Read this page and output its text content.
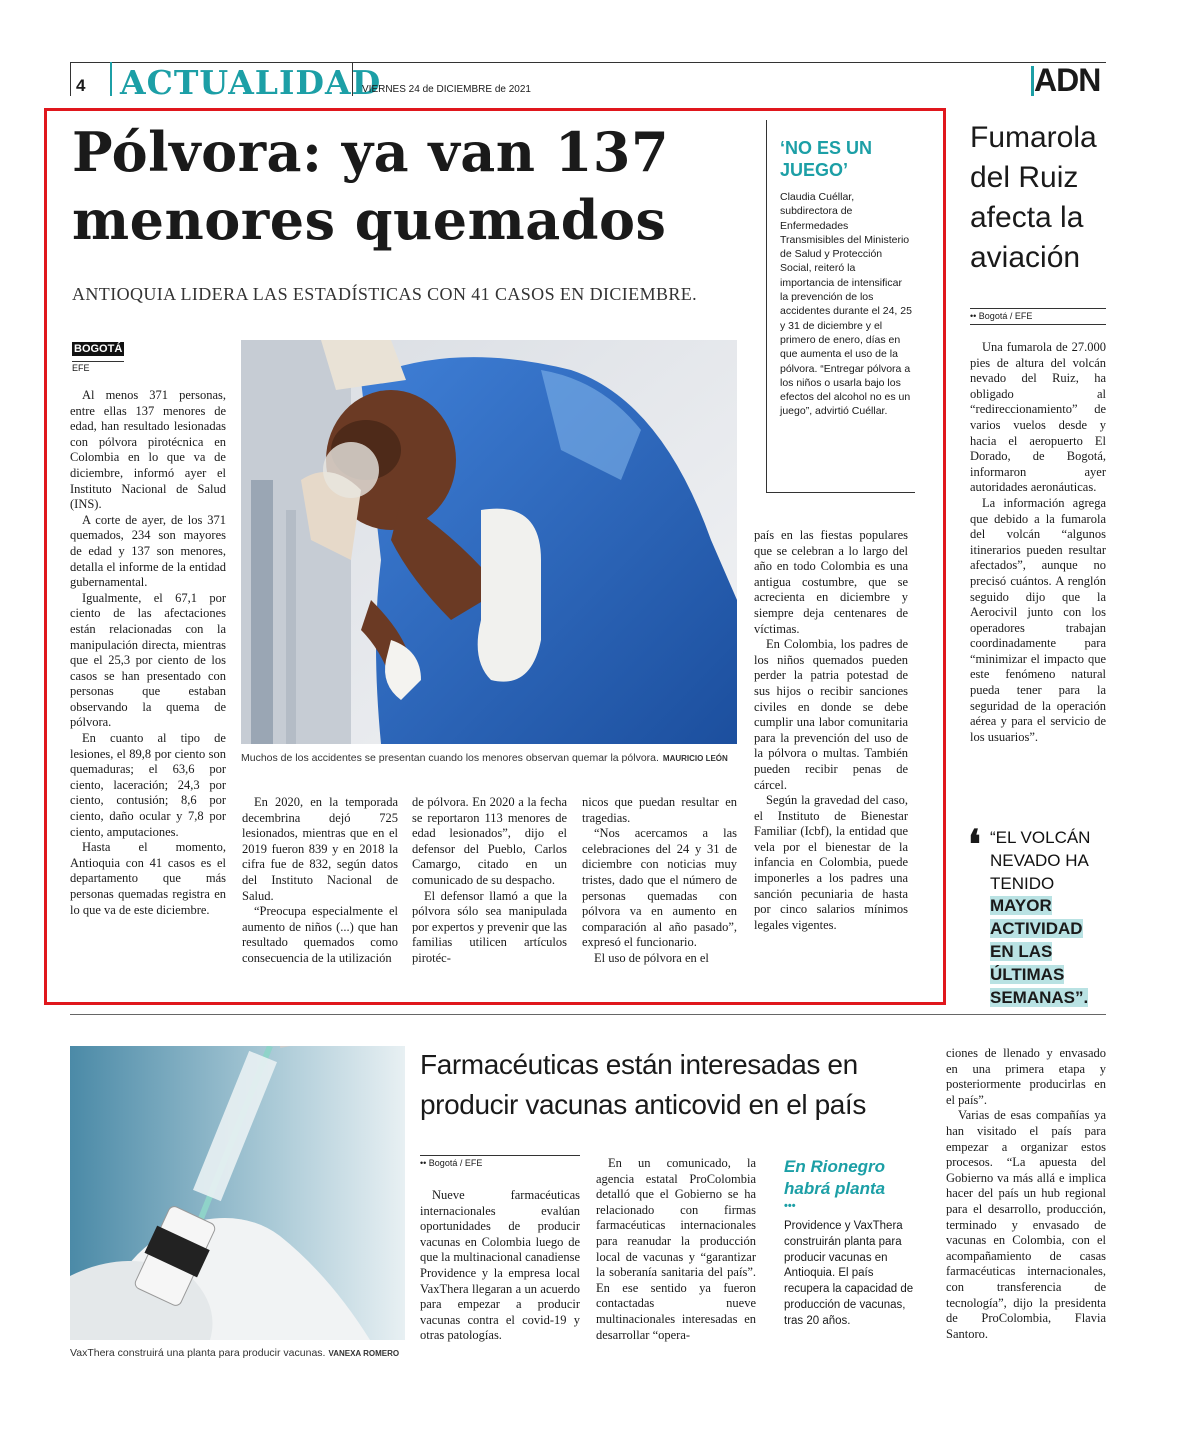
4 ACTUALIDAD
VIERNES 24 de DICIEMBRE de 2021	ADN
Pólvora: ya van 137 menores quemados
ANTIOQUIA LIDERA LAS ESTADÍSTICAS CON 41 CASOS EN DICIEMBRE.
BOGOTÁ
EFE

Al menos 371 personas, entre ellas 137 menores de edad, han resultado lesionadas con pólvora pirotécnica en Colombia en lo que va de diciembre, informó ayer el Instituto Nacional de Salud (INS).

A corte de ayer, de los 371 quemados, 234 son mayores de edad y 137 son menores, detalla el informe de la entidad gubernamental.

Igualmente, el 67,1 por ciento de las afectaciones están relacionadas con la manipulación directa, mientras que el 25,3 por ciento de los casos se han presentado con personas que estaban observando la quema de pólvora.

En cuanto al tipo de lesiones, el 89,8 por ciento son quemaduras; el 63,6 por ciento, laceración; 24,3 por ciento, contusión; 8,6 por ciento, daño ocular y 7,8 por ciento, amputaciones.

Hasta el momento, Antioquia con 41 casos es el departamento que más personas quemadas registra en lo que va de este diciembre.

Muchos de los accidentes se presentan cuando los menores observan quemar la pólvora. MAURICIO LEÓN

En 2020, en la temporada decembrina dejó 725 lesionados, mientras que en el 2019 fueron 839 y en 2018 la cifra fue de 832, según datos del Instituto Nacional de Salud.

“Preocupa especialmente el aumento de niños (...) que han resultado quemados como consecuencia de la utilización

de pólvora. En 2020 a la fecha se reportaron 113 menores de edad lesionados”, dijo el defensor del Pueblo, Carlos Camargo, citado en un comunicado de su despacho.

El defensor llamó a que la pólvora sólo sea manipulada por expertos y prevenir que las familias utilicen artículos pirotéc-

nicos que puedan resultar en tragedias.

“Nos acercamos a las celebraciones del 24 y 31 de diciembre con noticias muy tristes, dado que el número de personas quemadas con pólvora va en aumento en comparación al año pasado”, expresó el funcionario.

El uso de pólvora en el

país en las fiestas populares que se celebran a lo largo del año en todo Colombia es una antigua costumbre, que se acrecienta en diciembre y siempre deja centenares de víctimas.

En Colombia, los padres de los niños quemados pueden perder la patria potestad de sus hijos o recibir sanciones civiles en donde se debe cumplir una labor comunitaria para la prevención del uso de la pólvora o multas. También pueden recibir penas de cárcel.

Según la gravedad del caso, el Instituto de Bienestar Familiar (Icbf), la entidad que vela por el bienestar de la infancia en Colombia, puede imponerles a los padres una sanción pecuniaria de hasta por cinco salarios mínimos legales vigentes.

‘NO ES UN JUEGO’
Claudia Cuéllar, subdirectora de Enfermedades Transmisibles del Ministerio de Salud y Protección Social, reiteró la importancia de intensificar la prevención de los accidentes durante el 24, 25 y 31 de diciembre y el primero de enero, días en que aumenta el uso de la pólvora. “Entregar pólvora a los niños o usarla bajo los efectos del alcohol no es un juego”, advirtió Cuéllar.
Fumarola del Ruiz afecta la aviación
•• Bogotá / EFE

Una fumarola de 27.000 pies de altura del volcán nevado del Ruiz, ha obligado al “redireccionamiento” de varios vuelos desde y hacia el aeropuerto El Dorado, de Bogotá, informaron ayer autoridades aeronáuticas.

La información agrega que debido a la fumarola del volcán “algunos itinerarios pueden resultar afectados”, aunque no precisó cuántos. A renglón seguido dijo que la Aerocivil junto con los operadores trabajan coordinadamente para “minimizar el impacto que este fenómeno natural pueda tener para la seguridad de la operación aérea y para el servicio de los usuarios”.

❛ “EL VOLCÁN NEVADO HA TENIDO
MAYOR ACTIVIDAD EN LAS ÚLTIMAS SEMANAS”.
VaxThera construirá una planta para producir vacunas. VANEXA ROMERO
Farmacéuticas están interesadas en producir vacunas anticovid en el país
•• Bogotá / EFE

Nueve farmacéuticas internacionales evalúan oportunidades de producir vacunas en Colombia luego de que la multinacional canadiense Providence y la empresa local VaxThera llegaran a un acuerdo para empezar a producir vacunas contra el covid-19 y otras patologías.

En un comunicado, la agencia estatal ProColombia detalló que el Gobierno se ha relacionado con firmas farmacéuticas internacionales para reanudar la producción local de vacunas y “garantizar la soberanía sanitaria del país”. En ese sentido ya fueron contactadas nueve multinacionales interesadas en desarrollar “opera-

En Rionegro habrá planta
•••
Providence y VaxThera construirán planta para producir vacunas en Antioquia. El país recupera la capacidad de producción de vacunas, tras 20 años.

ciones de llenado y envasado en una primera etapa y posteriormente producirlas en el país”.

Varias de esas compañías ya han visitado el país para empezar a organizar estos procesos. “La apuesta del Gobierno va más allá e implica hacer del país un hub regional para el desarrollo, producción, terminado y envasado de vacunas en Colombia, con el acompañamiento de casas farmacéuticas internacionales, con transferencia de tecnología”, dijo la presidenta de ProColombia, Flavia Santoro.
